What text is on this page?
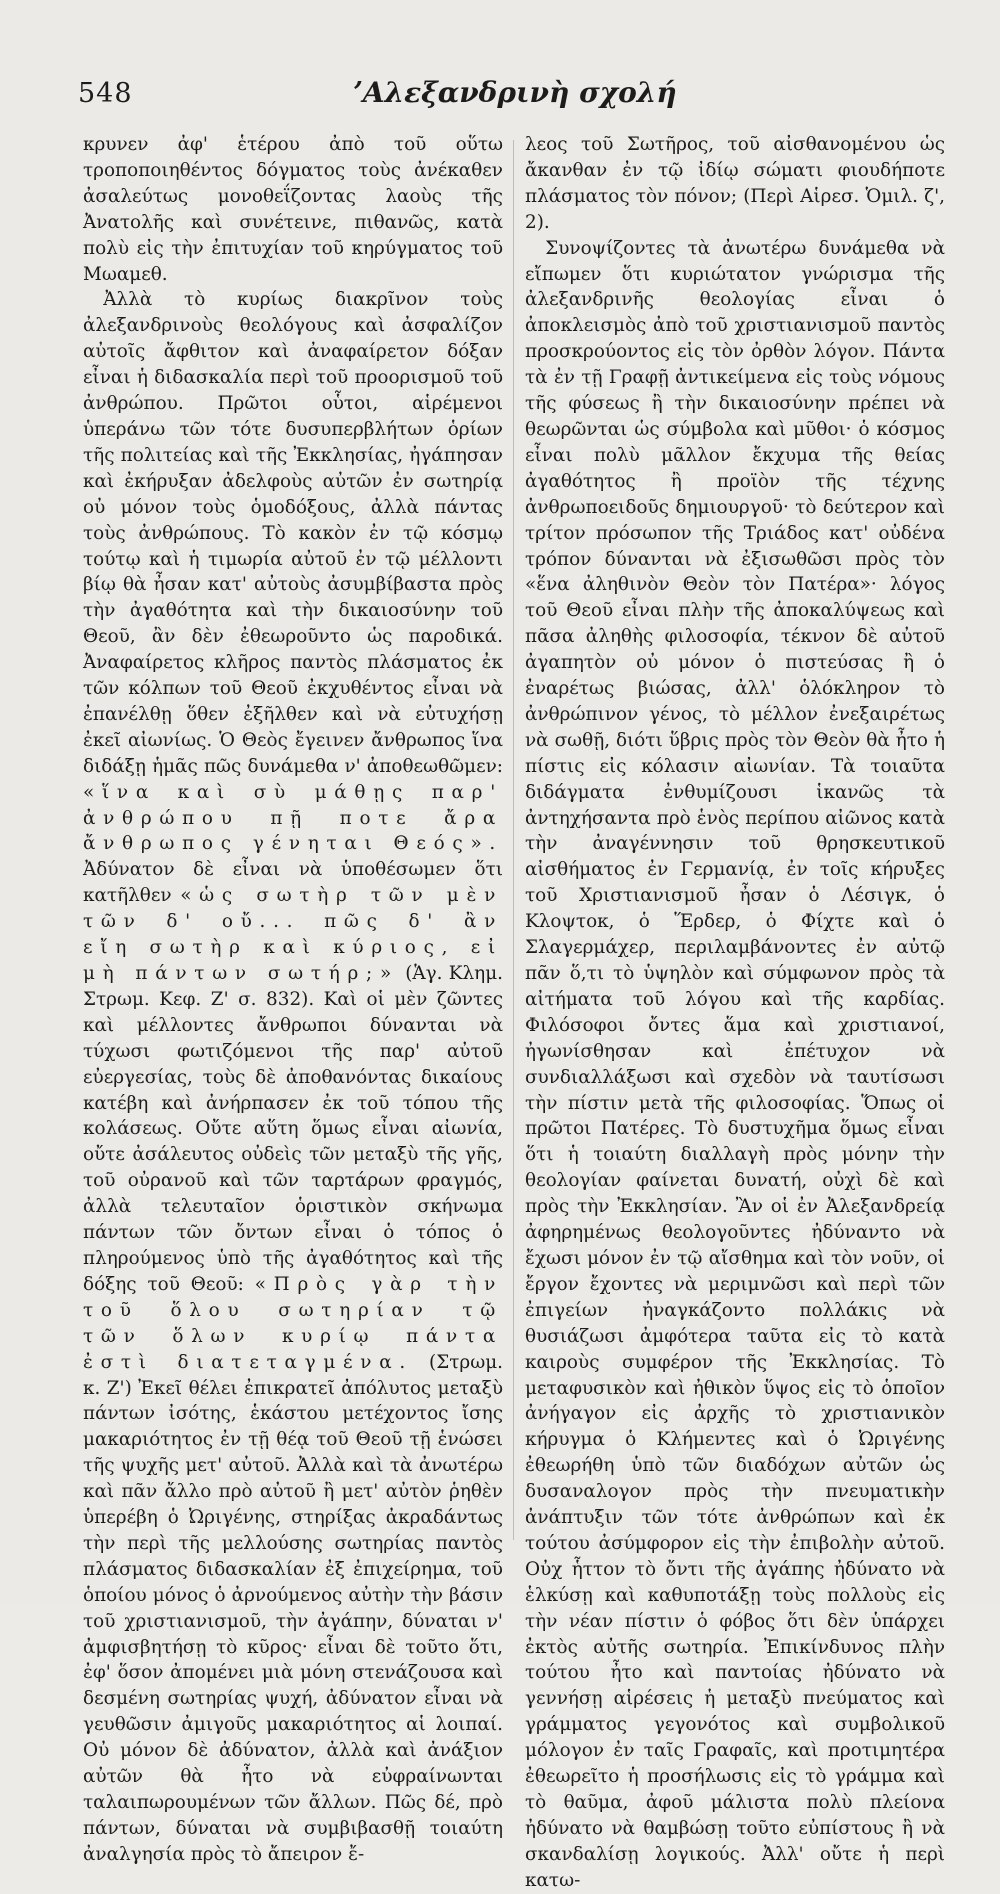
548	ʼΑλεξανδρινὴ σχολή

κρυνεν ἀφ' ἑτέρου ἀπὸ τοῦ οὕτω τροποποιηθέντος δόγματος τοὺς ἀνέκαθεν ἀσαλεύτως μονοθεΐζοντας λαοὺς τῆς Ἀνατολῆς καὶ συνέτεινε, πιθανῶς, κατὰ πολὺ εἰς τὴν ἐπιτυχίαν τοῦ κηρύγματος τοῦ Μωαμεθ.

Ἀλλὰ τὸ κυρίως διακρῖνον τοὺς ἀλεξανδρινοὺς θεολόγους καὶ ἀσφαλίζον αὐτοῖς ἄφθιτον καὶ ἀναφαίρετον δόξαν εἶναι ἡ διδασκαλία περὶ τοῦ προορισμοῦ τοῦ ἀνθρώπου. Πρῶτοι οὗτοι, αἱρέμενοι ὑπεράνω τῶν τότε δυσυπερβλήτων ὁρίων τῆς πολιτείας καὶ τῆς Ἐκκλησίας, ἠγάπησαν καὶ ἐκήρυξαν ἀδελφοὺς αὐτῶν ἐν σωτηρίᾳ οὐ μόνον τοὺς ὁμοδόξους, ἀλλὰ πάντας τοὺς ἀνθρώπους. Τὸ κακὸν ἐν τῷ κόσμῳ τούτῳ καὶ ἡ τιμωρία αὐτοῦ ἐν τῷ μέλλοντι βίῳ θὰ ἦσαν κατ' αὐτοὺς ἀσυμβίβαστα πρὸς τὴν ἀγαθότητα καὶ τὴν δικαιοσύνην τοῦ Θεοῦ, ἂν δὲν ἐθεωροῦντο ὡς παροδικά. Ἀναφαίρετος κλῆρος παντὸς πλάσματος ἐκ τῶν κόλπων τοῦ Θεοῦ ἐκχυθέντος εἶναι νὰ ἐπανέλθῃ ὅθεν ἐξῆλθεν καὶ νὰ εὐτυχήσῃ ἐκεῖ αἰωνίως. Ὁ Θεὸς ἔγεινεν ἄνθρωπος ἵνα διδάξῃ ἡμᾶς πῶς δυνάμεθα ν' ἀποθεωθῶμεν: «ἵνα καὶ σὺ μάθῃς παρ' ἀνθρώπου πῇ ποτε ἄρα ἄνθρωπος γένηται Θεός». Ἀδύνατον δὲ εἶναι νὰ ὑποθέσωμεν ὅτι κατῆλθεν «ὡς σωτὴρ τῶν μὲν τῶν δ' οὔ... πῶς δ' ἂν εἴη σωτὴρ καὶ κύριος, εἰ μὴ πάντων σωτήρ;» (Ἁγ. Κλημ. Στρωμ. Κεφ. Ζ' σ. 832). Καὶ οἱ μὲν ζῶντες καὶ μέλλοντες ἄνθρωποι δύνανται νὰ τύχωσι φωτιζόμενοι τῆς παρ' αὐτοῦ εὐεργεσίας, τοὺς δὲ ἀποθανόντας δικαίους κατέβη καὶ ἀνήρπασεν ἐκ τοῦ τόπου τῆς κολάσεως. Οὔτε αὕτη ὅμως εἶναι αἰωνία, οὔτε ἀσάλευτος οὐδεὶς τῶν μεταξὺ τῆς γῆς, τοῦ οὐρανοῦ καὶ τῶν ταρτάρων φραγμός, ἀλλὰ τελευταῖον ὁριστικὸν σκήνωμα πάντων τῶν ὄντων εἶναι ὁ τόπος ὁ πληρούμενος ὑπὸ τῆς ἀγαθότητος καὶ τῆς δόξης τοῦ Θεοῦ: «Πρὸς γὰρ τὴν τοῦ ὅλου σωτηρίαν τῷ τῶν ὅλων κυρίῳ πάντα ἐστὶ διατεταγμένα. (Στρωμ. κ. Ζ') Ἐκεῖ θέλει ἐπικρατεῖ ἀπόλυτος μεταξὺ πάντων ἰσότης, ἑκάστου μετέχοντος ἴσης μακαριότητος ἐν τῇ θέᾳ τοῦ Θεοῦ τῇ ἑνώσει τῆς ψυχῆς μετ' αὐτοῦ. Ἀλλὰ καὶ τὰ ἀνωτέρω καὶ πᾶν ἄλλο πρὸ αὐτοῦ ἢ μετ' αὐτὸν ῥηθὲν ὑπερέβη ὁ Ὠριγένης, στηρίξας ἀκραδάντως τὴν περὶ τῆς μελλούσης σωτηρίας παντὸς πλάσματος διδασκαλίαν ἐξ ἐπιχείρημα, τοῦ ὁποίου μόνος ὁ ἀρνούμενος αὐτὴν τὴν βάσιν τοῦ χριστιανισμοῦ, τὴν ἀγάπην, δύναται ν' ἀμφισβητήσῃ τὸ κῦρος· εἶναι δὲ τοῦτο ὅτι, ἐφ' ὅσον ἀπομένει μιὰ μόνη στενάζουσα καὶ δεσμένη σωτηρίας ψυχή, ἀδύνατον εἶναι νὰ γευθῶσιν ἀμιγοῦς μακαριότητος αἱ λοιπαί. Οὐ μόνον δὲ ἀδύνατον, ἀλλὰ καὶ ἀνάξιον αὐτῶν θὰ ἦτο νὰ εὐφραίνωνται ταλαιπωρουμένων τῶν ἄλλων. Πῶς δέ, πρὸ πάντων, δύναται νὰ συμβιβασθῇ τοιαύτη ἀναλγησία πρὸς τὸ ἄπειρον ἔ-

λεος τοῦ Σωτῆρος, τοῦ αἰσθανομένου ὡς ἄκανθαν ἐν τῷ ἰδίῳ σώματι φιουδήποτε πλάσματος τὸν πόνον; (Περὶ Αἱρεσ. Ὁμιλ. ζ', 2).

Συνοψίζοντες τὰ ἀνωτέρω δυνάμεθα νὰ εἴπωμεν ὅτι κυριώτατον γνώρισμα τῆς ἀλεξανδρινῆς θεολογίας εἶναι ὁ ἀποκλεισμὸς ἀπὸ τοῦ χριστιανισμοῦ παντὸς προσκρούοντος εἰς τὸν ὀρθὸν λόγον. Πάντα τὰ ἐν τῇ Γραφῇ ἀντικείμενα εἰς τοὺς νόμους τῆς φύσεως ἢ τὴν δικαιοσύνην πρέπει νὰ θεωρῶνται ὡς σύμβολα καὶ μῦθοι· ὁ κόσμος εἶναι πολὺ μᾶλλον ἔκχυμα τῆς θείας ἀγαθότητος ἢ προϊὸν τῆς τέχνης ἀνθρωποειδοῦς δημιουργοῦ· τὸ δεύτερον καὶ τρίτον πρόσωπον τῆς Τριάδος κατ' οὐδένα τρόπον δύνανται νὰ ἐξισωθῶσι πρὸς τὸν «ἕνα ἀληθινὸν Θεὸν τὸν Πατέρα»· λόγος τοῦ Θεοῦ εἶναι πλὴν τῆς ἀποκαλύψεως καὶ πᾶσα ἀληθὴς φιλοσοφία, τέκνον δὲ αὐτοῦ ἀγαπητὸν οὐ μόνον ὁ πιστεύσας ἢ ὁ ἐναρέτως βιώσας, ἀλλ' ὁλόκληρον τὸ ἀνθρώπινον γένος, τὸ μέλλον ἐνεξαιρέτως νὰ σωθῇ, διότι ὕβρις πρὸς τὸν Θεὸν θὰ ἦτο ἡ πίστις εἰς κόλασιν αἰωνίαν. Τὰ τοιαῦτα διδάγματα ἐνθυμίζουσι ἱκανῶς τὰ ἀντηχήσαντα πρὸ ἑνὸς περίπου αἰῶνος κατὰ τὴν ἀναγέννησιν τοῦ θρησκευτικοῦ αἰσθήματος ἐν Γερμανίᾳ, ἐν τοῖς κήρυξες τοῦ Χριστιανισμοῦ ἦσαν ὁ Λέσιγκ, ὁ Κλοψτοκ, ὁ Ἕρδερ, ὁ Φίχτε καὶ ὁ Σλαγερμάχερ, περιλαμβάνοντες ἐν αὐτῷ πᾶν ὅ,τι τὸ ὑψηλὸν καὶ σύμφωνον πρὸς τὰ αἰτήματα τοῦ λόγου καὶ τῆς καρδίας. Φιλόσοφοι ὄντες ἅμα καὶ χριστιανοί, ἠγωνίσθησαν καὶ ἐπέτυχον νὰ συνδιαλλάξωσι καὶ σχεδὸν νὰ ταυτίσωσι τὴν πίστιν μετὰ τῆς φιλοσοφίας. Ὅπως οἱ πρῶτοι Πατέρες. Τὸ δυστυχῆμα ὅμως εἶναι ὅτι ἡ τοιαύτη διαλλαγὴ πρὸς μόνην τὴν θεολογίαν φαίνεται δυνατή, οὐχὶ δὲ καὶ πρὸς τὴν Ἐκκλησίαν. Ἂν οἱ ἐν Ἀλεξανδρείᾳ ἀφηρημένως θεολογοῦντες ἠδύναντο νὰ ἔχωσι μόνον ἐν τῷ αἴσθημα καὶ τὸν νοῦν, οἱ ἔργον ἔχοντες νὰ μεριμνῶσι καὶ περὶ τῶν ἐπιγείων ἠναγκάζοντο πολλάκις νὰ θυσιάζωσι ἀμφότερα ταῦτα εἰς τὸ κατὰ καιροὺς συμφέρον τῆς Ἐκκλησίας. Τὸ μεταφυσικὸν καὶ ἠθικὸν ὕψος εἰς τὸ ὁποῖον ἀνήγαγον εἰς ἀρχῆς τὸ χριστιανικὸν κήρυγμα ὁ Κλήμεντες καὶ ὁ Ὠριγένης ἐθεωρήθη ὑπὸ τῶν διαδόχων αὐτῶν ὡς δυσαναλογον πρὸς τὴν πνευματικὴν ἀνάπτυξιν τῶν τότε ἀνθρώπων καὶ ἐκ τούτου ἀσύμφορον εἰς τὴν ἐπιβολὴν αὐτοῦ. Οὐχ ἧττον τὸ ὄντι τῆς ἀγάπης ἠδύνατο νὰ ἑλκύσῃ καὶ καθυποτάξῃ τοὺς πολλοὺς εἰς τὴν νέαν πίστιν ὁ φόβος ὅτι δὲν ὑπάρχει ἐκτὸς αὐτῆς σωτηρία. Ἐπικίνδυνος πλὴν τούτου ἦτο καὶ παντοίας ἠδύνατο νὰ γεννήσῃ αἱρέσεις ἡ μεταξὺ πνεύματος καὶ γράμματος γεγονότος καὶ συμβολικοῦ μόλογον ἐν ταῖς Γραφαῖς, καὶ προτιμητέρα ἐθεωρεῖτο ἡ προσήλωσις εἰς τὸ γράμμα καὶ τὸ θαῦμα, ἀφοῦ μάλιστα πολὺ πλείονα ἠδύνατο νὰ θαμβώσῃ τοῦτο εὐπίστους ἢ νὰ σκανδαλίσῃ λογικούς. Ἀλλ' οὔτε ἡ περὶ κατω-
